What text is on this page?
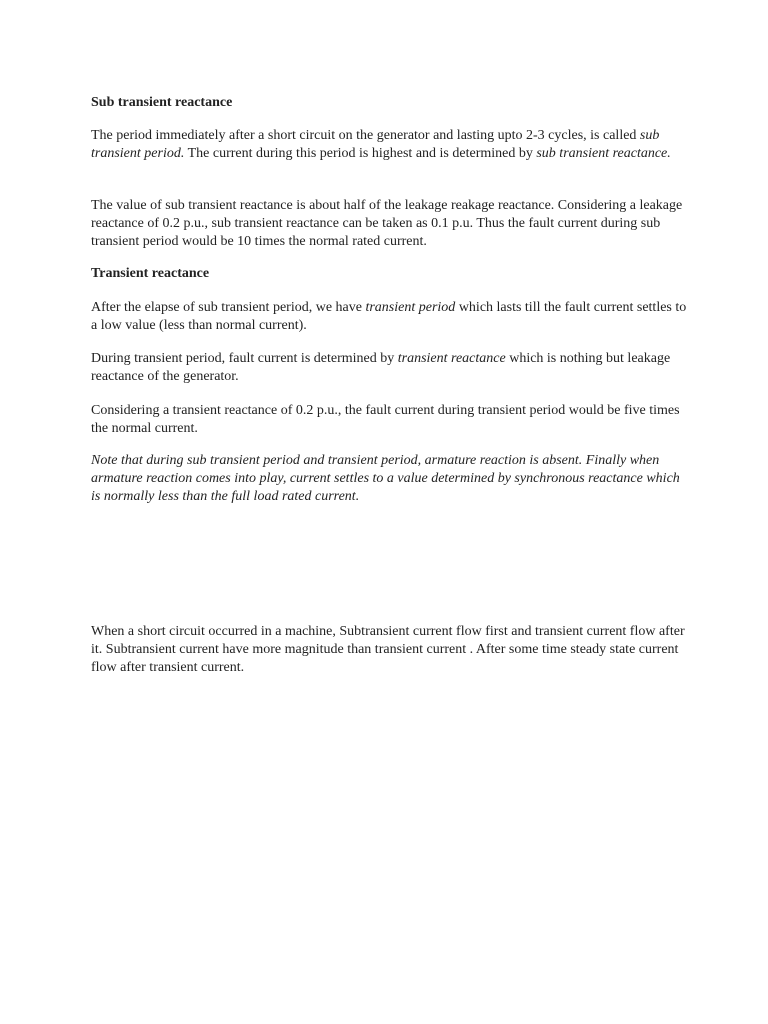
Sub transient reactance

The period immediately after a short circuit on the generator and lasting upto 2-3 cycles, is called sub transient period. The current during this period is highest and is determined by sub transient reactance.

The value of sub transient reactance is about half of the leakage reakage reactance. Considering a leakage reactance of 0.2 p.u., sub transient reactance can be taken as 0.1 p.u. Thus the fault current during sub transient period would be 10 times the normal rated current.

Transient reactance

After the elapse of sub transient period, we have transient period which lasts till the fault current settles to a low value (less than normal current).

During transient period, fault current is determined by transient reactance which is nothing but leakage reactance of the generator.

Considering a transient reactance of 0.2 p.u., the fault current during transient period would be five times the normal current.

Note that during sub transient period and transient period, armature reaction is absent. Finally when armature reaction comes into play, current settles to a value determined by synchronous reactance which is normally less than the full load rated current.

When a short circuit occurred in a machine, Subtransient current flow first and transient current flow after it. Subtransient current have more magnitude than transient current . After some time steady state current flow after transient current.
